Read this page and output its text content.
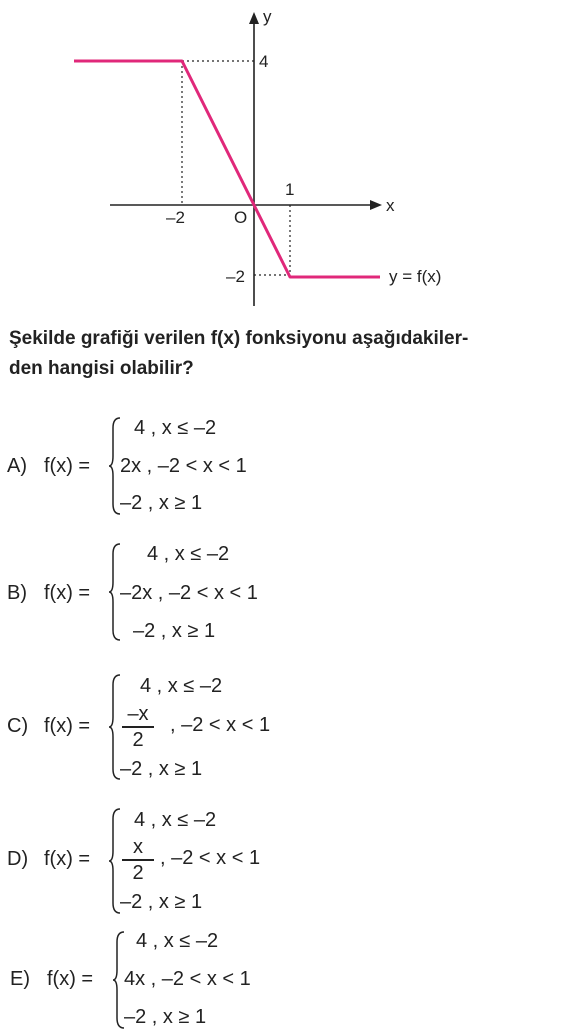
y
x
O
4
–2
–2
1
y = f(x)
Şekilde grafiği verilen f(x) fonksiyonu aşağıdakiler-
den hangisi olabilir?
A) f(x) =
4 , x ≤ –2
2x , –2 < x < 1
–2 , x ≥ 1
B) f(x) =
4 , x ≤ –2
–2x , –2 < x < 1
–2 , x ≥ 1
C) f(x) =
4 , x ≤ –2
–x
2
, –2 < x < 1
–2 , x ≥ 1
D) f(x) =
4 , x ≤ –2
x
2
, –2 < x < 1
–2 , x ≥ 1
E) f(x) =
4 , x ≤ –2
4x , –2 < x < 1
–2 , x ≥ 1
